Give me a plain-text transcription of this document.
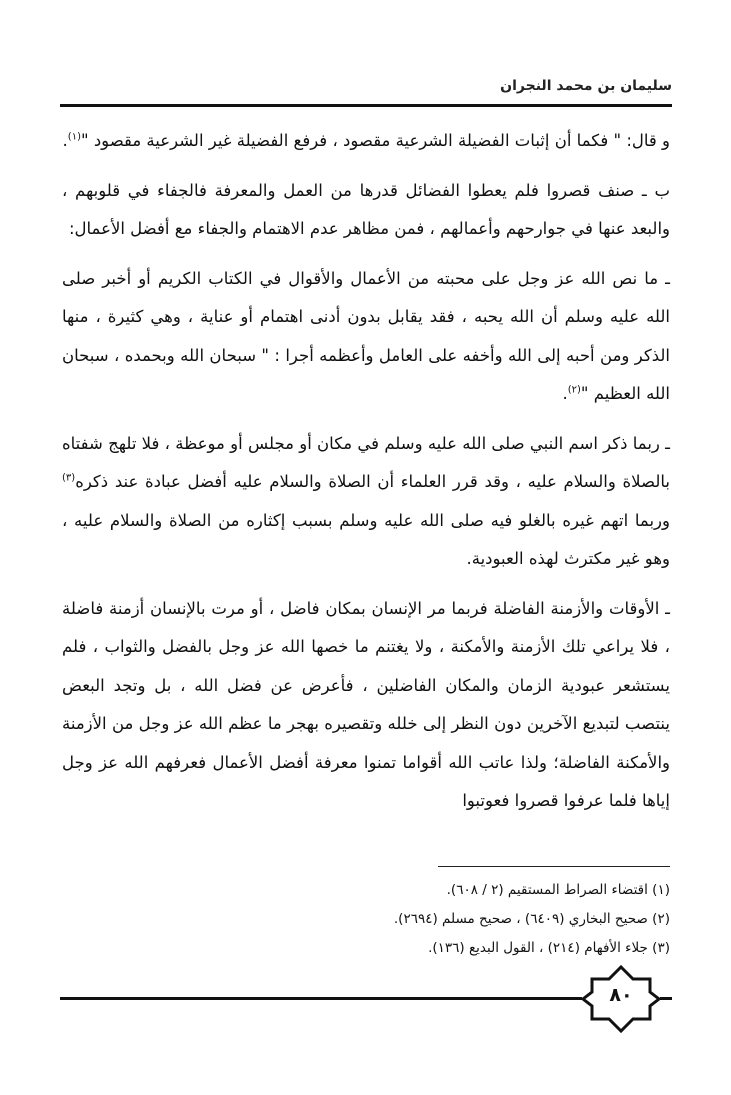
سليمان بن محمد النجران

و قال: " فكما أن إثبات الفضيلة الشرعية مقصود ، فرفع الفضيلة غير الشرعية مقصود "$^{(١)}$.

ب ـ صنف قصروا فلم يعطوا الفضائل قدرها من العمل والمعرفة فالجفاء في قلوبهم ، والبعد عنها في جوارحهم وأعمالهم ، فمن مظاهر عدم الاهتمام والجفاء مع أفضل الأعمال:

ـ ما نص الله عز وجل على محبته من الأعمال والأقوال في الكتاب الكريم أو أخبر صلى الله عليه وسلم أن الله يحبه ، فقد يقابل بدون أدنى اهتمام أو عناية ، وهي كثيرة ، منها الذكر ومن أحبه إلى الله وأخفه على العامل وأعظمه أجرا : " سبحان الله وبحمده ، سبحان الله العظيم "$^{(٢)}$.

ـ ربما ذكر اسم النبي صلى الله عليه وسلم في مكان أو مجلس أو موعظة ، فلا تلهج شفتاه بالصلاة والسلام عليه ، وقد قرر العلماء أن الصلاة والسلام عليه أفضل عبادة عند ذكره$^{(٣)}$ وربما اتهم غيره بالغلو فيه صلى الله عليه وسلم بسبب إكثاره من الصلاة والسلام عليه ، وهو غير مكترث لهذه العبودية.

ـ الأوقات والأزمنة الفاضلة فربما مر الإنسان بمكان فاضل ، أو مرت بالإنسان أزمنة فاضلة ، فلا يراعي تلك الأزمنة والأمكنة ، ولا يغتنم ما خصها الله عز وجل بالفضل والثواب ، فلم يستشعر عبودية الزمان والمكان الفاضلين ، فأعرض عن فضل الله ، بل وتجد البعض ينتصب لتبديع الآخرين دون النظر إلى خلله وتقصيره بهجر ما عظم الله عز وجل من الأزمنة والأمكنة الفاضلة؛ ولذا عاتب الله أقواما تمنوا معرفة أفضل الأعمال فعرفهم الله عز وجل إياها فلما عرفوا قصروا فعوتبوا

(١) اقتضاء الصراط المستقيم (٢ / ٦٠٨).
(٢) صحيح البخاري (٦٤٠٩) ، صحيح مسلم (٢٦٩٤).
(٣) جلاء الأفهام (٢١٤) ، القول البديع (١٣٦).
٨٠
